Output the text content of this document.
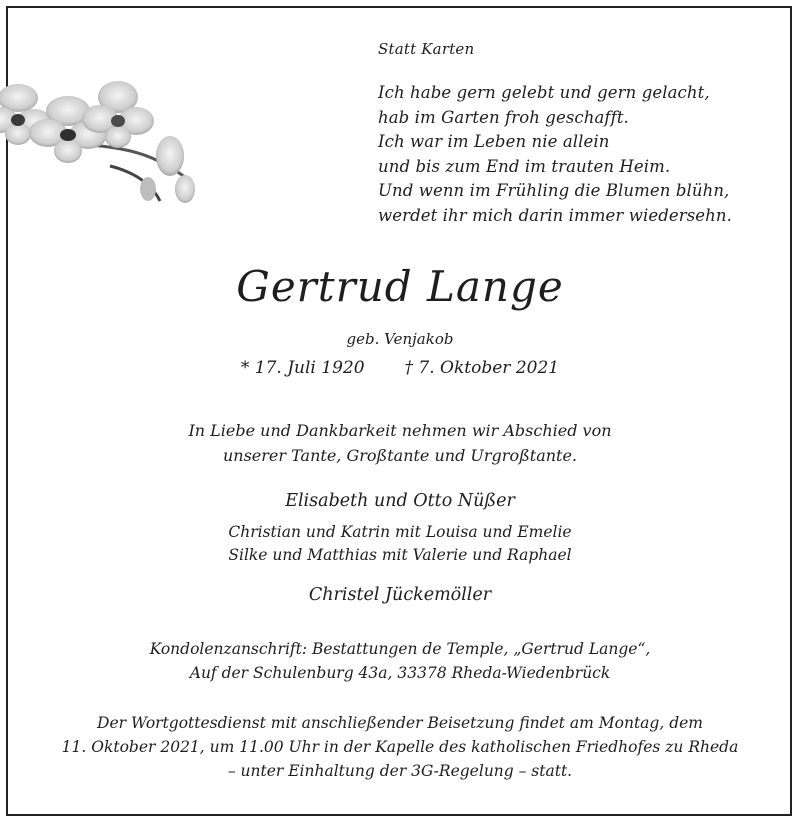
Statt Karten
Ich habe gern gelebt und gern gelacht,
hab im Garten froh geschafft.
Ich war im Leben nie allein
und bis zum End im trauten Heim.
Und wenn im Frühling die Blumen blühn,
werdet ihr mich darin immer wiedersehn.
Gertrud Lange
geb. Venjakob
* 17. Juli 1920 † 7. Oktober 2021
In Liebe und Dankbarkeit nehmen wir Abschied von
unserer Tante, Großtante und Urgroßtante.
Elisabeth und Otto Nüßer
Christian und Katrin mit Louisa und Emelie
Silke und Matthias mit Valerie und Raphael
Christel Jückemöller
Kondolenzanschrift: Bestattungen de Temple, „Gertrud Lange“,
Auf der Schulenburg 43a, 33378 Rheda-Wiedenbrück
Der Wortgottesdienst mit anschließender Beisetzung findet am Montag, dem
11. Oktober 2021, um 11.00 Uhr in der Kapelle des katholischen Friedhofes zu Rheda
– unter Einhaltung der 3G-Regelung – statt.
